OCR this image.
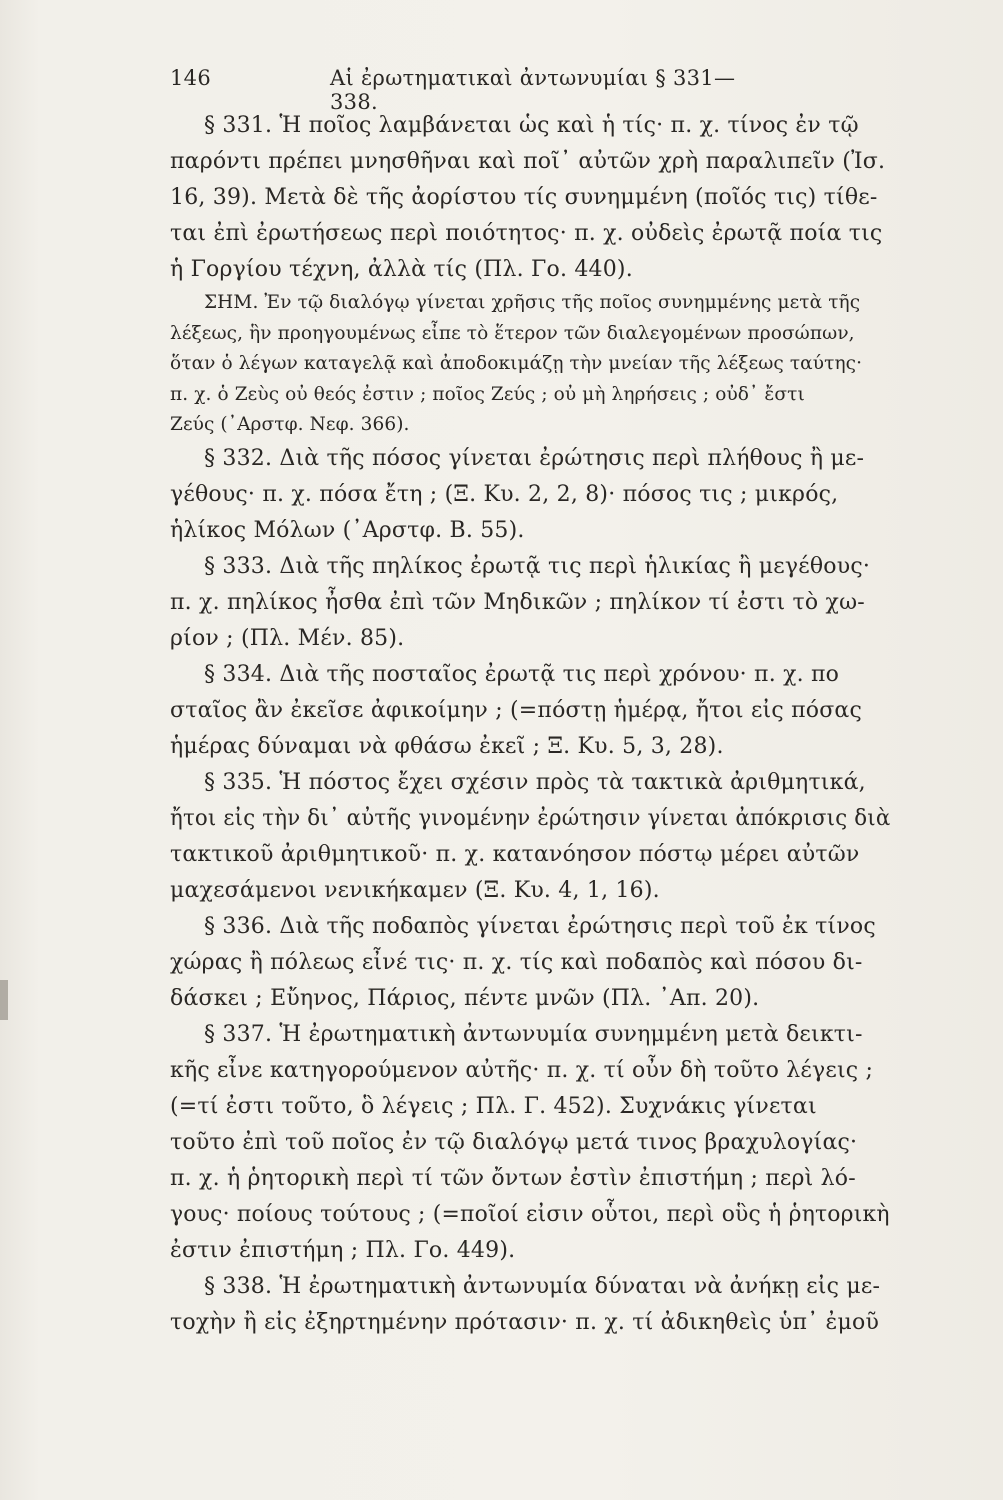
146	Αἱ ἐρωτηματικαὶ ἀντωνυμίαι § 331—338.
§ 331. Ἡ ποῖος λαμβάνεται ὡς καὶ ἡ τίς· π. χ. τίνος ἐν τῷ
παρόντι πρέπει μνησθῆναι καὶ ποῖ᾽ αὐτῶν χρὴ παραλιπεῖν (Ἰσ.
16, 39). Μετὰ δὲ τῆς ἀορίστου τίς συνημμένη (ποῖός τις) τίθε-
ται ἐπὶ ἐρωτήσεως περὶ ποιότητος· π. χ. οὐδεὶς ἐρωτᾷ ποία τις
ἡ Γοργίου τέχνη, ἀλλὰ τίς (Πλ. Γο. 440).
ΣΗΜ. Ἐν τῷ διαλόγῳ γίνεται χρῆσις τῆς ποῖος συνημμένης μετὰ τῆς
λέξεως, ἣν προηγουμένως εἶπε τὸ ἕτερον τῶν διαλεγομένων προσώπων,
ὅταν ὁ λέγων καταγελᾷ καὶ ἀποδοκιμάζῃ τὴν μνείαν τῆς λέξεως ταύτης·
π. χ. ὁ Ζεὺς οὐ θεός ἐστιν ; ποῖος Ζεύς ; οὐ μὴ ληρήσεις ; οὐδ᾽ ἔστι
Ζεύς (᾿Αρστφ. Νεφ. 366).
§ 332. Διὰ τῆς πόσος γίνεται ἐρώτησις περὶ πλήθους ἢ με-
γέθους· π. χ. πόσα ἔτη ; (Ξ. Κυ. 2, 2, 8)· πόσος τις ; μικρός,
ἡλίκος Μόλων (᾿Αρστφ. Β. 55).
§ 333. Διὰ τῆς πηλίκος ἐρωτᾷ τις περὶ ἡλικίας ἢ μεγέθους·
π. χ. πηλίκος ἦσθα ἐπὶ τῶν Μηδικῶν ; πηλίκον τί ἐστι τὸ χω-
ρίον ; (Πλ. Μέν. 85).
§ 334. Διὰ τῆς ποσταῖος ἐρωτᾷ τις περὶ χρόνου· π. χ. πο
σταῖος ἂν ἐκεῖσε ἀφικοίμην ; (=πόστῃ ἡμέρᾳ, ἤτοι εἰς πόσας
ἡμέρας δύναμαι νὰ φθάσω ἐκεῖ ; Ξ. Κυ. 5, 3, 28).
§ 335. Ἡ πόστος ἔχει σχέσιν πρὸς τὰ τακτικὰ ἀριθμητικά,
ἤτοι εἰς τὴν δι᾽ αὐτῆς γινομένην ἐρώτησιν γίνεται ἀπόκρισις διὰ
τακτικοῦ ἀριθμητικοῦ· π. χ. κατανόησον πόστῳ μέρει αὐτῶν
μαχεσάμενοι νενικήκαμεν (Ξ. Κυ. 4, 1, 16).
§ 336. Διὰ τῆς ποδαπὸς γίνεται ἐρώτησις περὶ τοῦ ἐκ τίνος
χώρας ἢ πόλεως εἶνέ τις· π. χ. τίς καὶ ποδαπὸς καὶ πόσου δι-
δάσκει ; Εὔηνος, Πάριος, πέντε μνῶν (Πλ. ᾿Απ. 20).
§ 337. Ἡ ἐρωτηματικὴ ἀντωνυμία συνημμένη μετὰ δεικτι-
κῆς εἶνε κατηγορούμενον αὐτῆς· π. χ. τί οὖν δὴ τοῦτο λέγεις ;
(=τί ἐστι τοῦτο, ὃ λέγεις ; Πλ. Γ. 452). Συχνάκις γίνεται
τοῦτο ἐπὶ τοῦ ποῖος ἐν τῷ διαλόγῳ μετά τινος βραχυλογίας·
π. χ. ἡ ῥητορικὴ περὶ τί τῶν ὄντων ἐστὶν ἐπιστήμη ; περὶ λό-
γους· ποίους τούτους ; (=ποῖοί εἰσιν οὗτοι, περὶ οὓς ἡ ῥητορικὴ
ἐστιν ἐπιστήμη ; Πλ. Γο. 449).
§ 338. Ἡ ἐρωτηματικὴ ἀντωνυμία δύναται νὰ ἀνήκῃ εἰς με-
τοχὴν ἢ εἰς ἐξηρτημένην πρότασιν· π. χ. τί ἀδικηθεὶς ὑπ᾽ ἐμοῦ
